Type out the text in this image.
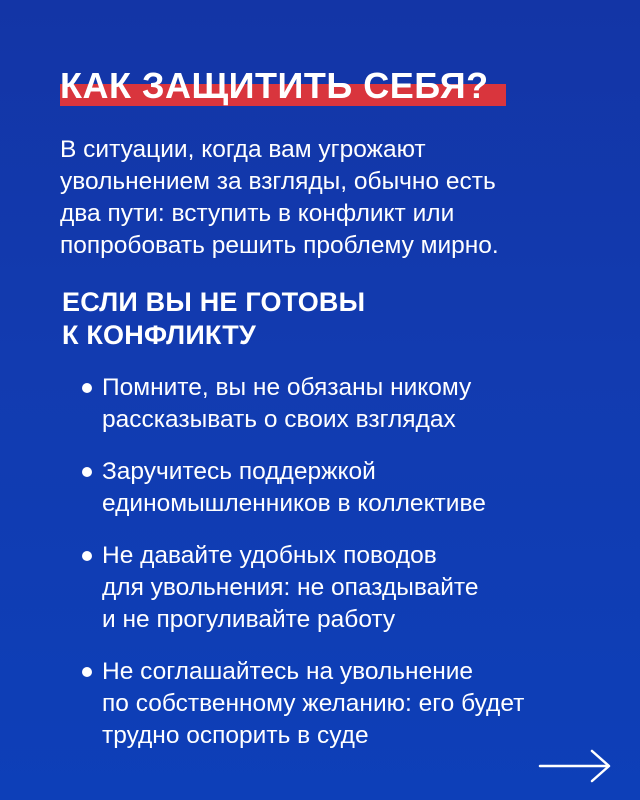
КАК ЗАЩИТИТЬ СЕБЯ?

В ситуации, когда вам угрожают
увольнением за взгляды, обычно есть
два пути: вступить в конфликт или
попробовать решить проблему мирно.

ЕСЛИ ВЫ НЕ ГОТОВЫ
К КОНФЛИКТУ
Помните, вы не обязаны никому
рассказывать о своих взглядах
Заручитесь поддержкой
единомышленников в коллективе
Не давайте удобных поводов
для увольнения: не опаздывайте
и не прогуливайте работу
Не соглашайтесь на увольнение
по собственному желанию: его будет
трудно оспорить в суде
